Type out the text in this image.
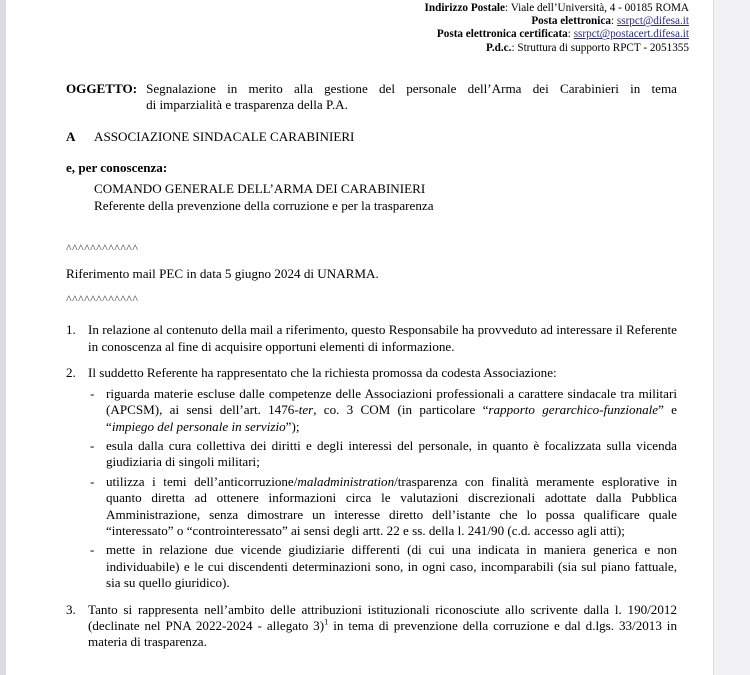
Indirizzo Postale: Viale dell’Università, 4 - 00185 ROMA
Posta elettronica: ssrpct@difesa.it
Posta elettronica certificata: ssrpct@postacert.difesa.it
P.d.c.: Struttura di supporto RPCT - 2051355
OGGETTO: Segnalazione in merito alla gestione del personale dell’Arma dei Carabinieri in tema
di imparzialità e trasparenza della P.A.
A	ASSOCIAZIONE SINDACALE CARABINIERI
e, per conoscenza:
COMANDO GENERALE DELL’ARMA DEI CARABINIERI
Referente della prevenzione della corruzione e per la trasparenza
^^^^^^^^^^^^
Riferimento mail PEC in data 5 giugno 2024 di UNARMA.
^^^^^^^^^^^^
1. In relazione al contenuto della mail a riferimento, questo Responsabile ha provveduto ad interessare il Referente in conoscenza al fine di acquisire opportuni elementi di informazione.
2. Il suddetto Referente ha rappresentato che la richiesta promossa da codesta Associazione:
- riguarda materie escluse dalle competenze delle Associazioni professionali a carattere sindacale tra militari (APCSM), ai sensi dell’art. 1476-ter, co. 3 COM (in particolare “rapporto gerarchico-funzionale” e “impiego del personale in servizio”);
- esula dalla cura collettiva dei diritti e degli interessi del personale, in quanto è focalizzata sulla vicenda giudiziaria di singoli militari;
- utilizza i temi dell’anticorruzione/maladministration/trasparenza con finalità meramente esplorative in quanto diretta ad ottenere informazioni circa le valutazioni discrezionali adottate dalla Pubblica Amministrazione, senza dimostrare un interesse diretto dell’istante che lo possa qualificare quale “interessato” o “controinteressato” ai sensi degli artt. 22 e ss. della l. 241/90 (c.d. accesso agli atti);
- mette in relazione due vicende giudiziarie differenti (di cui una indicata in maniera generica e non individuabile) e le cui discendenti determinazioni sono, in ogni caso, incomparabili (sia sul piano fattuale, sia su quello giuridico).
3. Tanto si rappresenta nell’ambito delle attribuzioni istituzionali riconosciute allo scrivente dalla l. 190/2012 (declinate nel PNA 2022-2024 - allegato 3)$^1$ in tema di prevenzione della corruzione e dal d.lgs. 33/2013 in materia di trasparenza.
